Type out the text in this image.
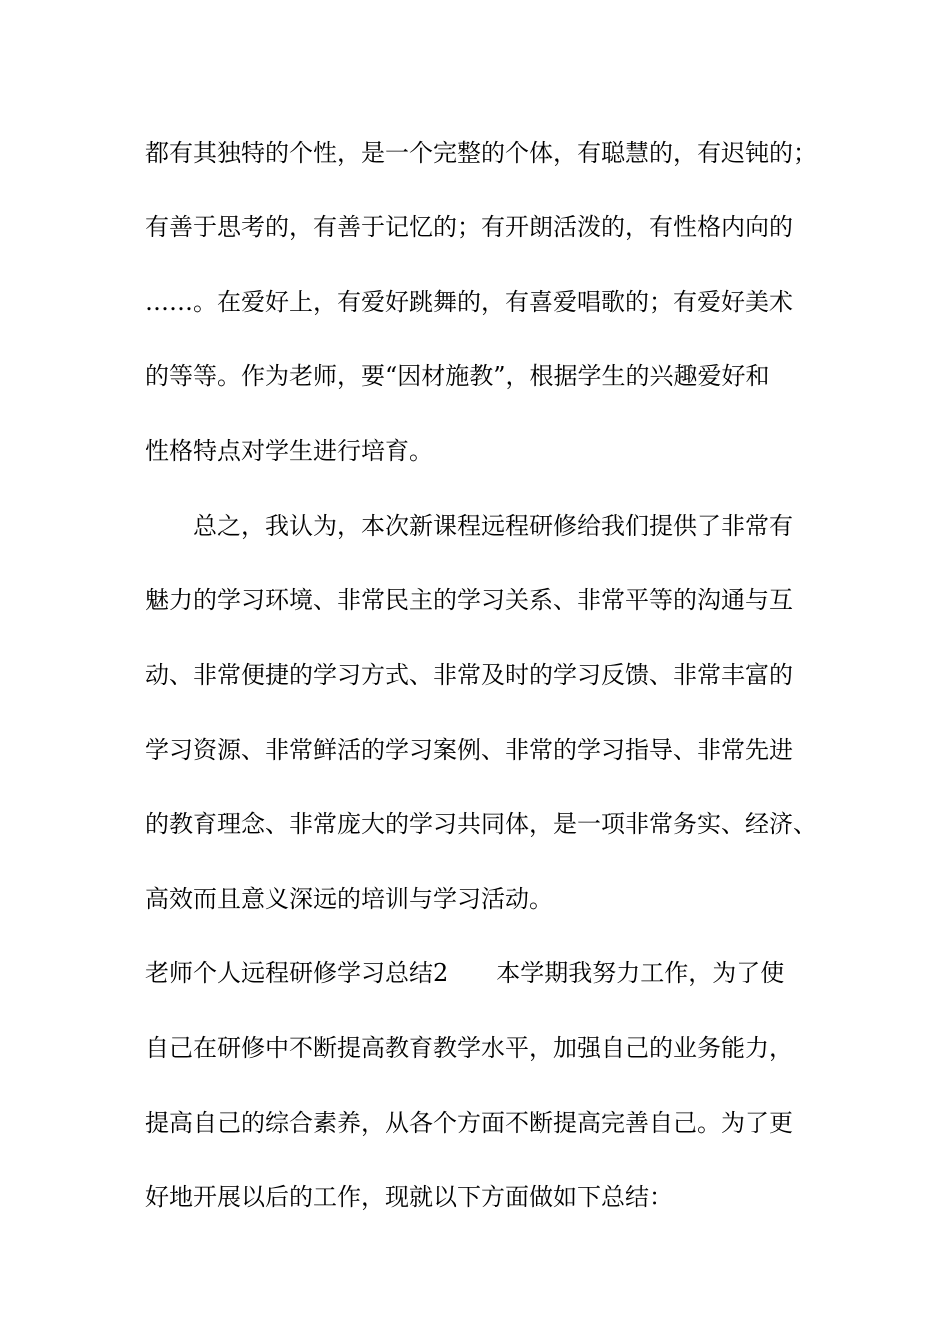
都有其独特的个性，是一个完整的个体，有聪慧的，有迟钝的；
有善于思考的，有善于记忆的；有开朗活泼的，有性格内向的
……。在爱好上，有爱好跳舞的，有喜爱唱歌的；有爱好美术
的等等。作为老师，要“因材施教”，根据学生的兴趣爱好和
性格特点对学生进行培育。
　　总之，我认为，本次新课程远程研修给我们提供了非常有
魅力的学习环境、非常民主的学习关系、非常平等的沟通与互
动、非常便捷的学习方式、非常及时的学习反馈、非常丰富的
学习资源、非常鲜活的学习案例、非常的学习指导、非常先进
的教育理念、非常庞大的学习共同体，是一项非常务实、经济、
高效而且意义深远的培训与学习活动。
老师个人远程研修学习总结2　　本学期我努力工作，为了使
自己在研修中不断提高教育教学水平，加强自己的业务能力，
提高自己的综合素养，从各个方面不断提高完善自己。为了更
好地开展以后的工作，现就以下方面做如下总结：
